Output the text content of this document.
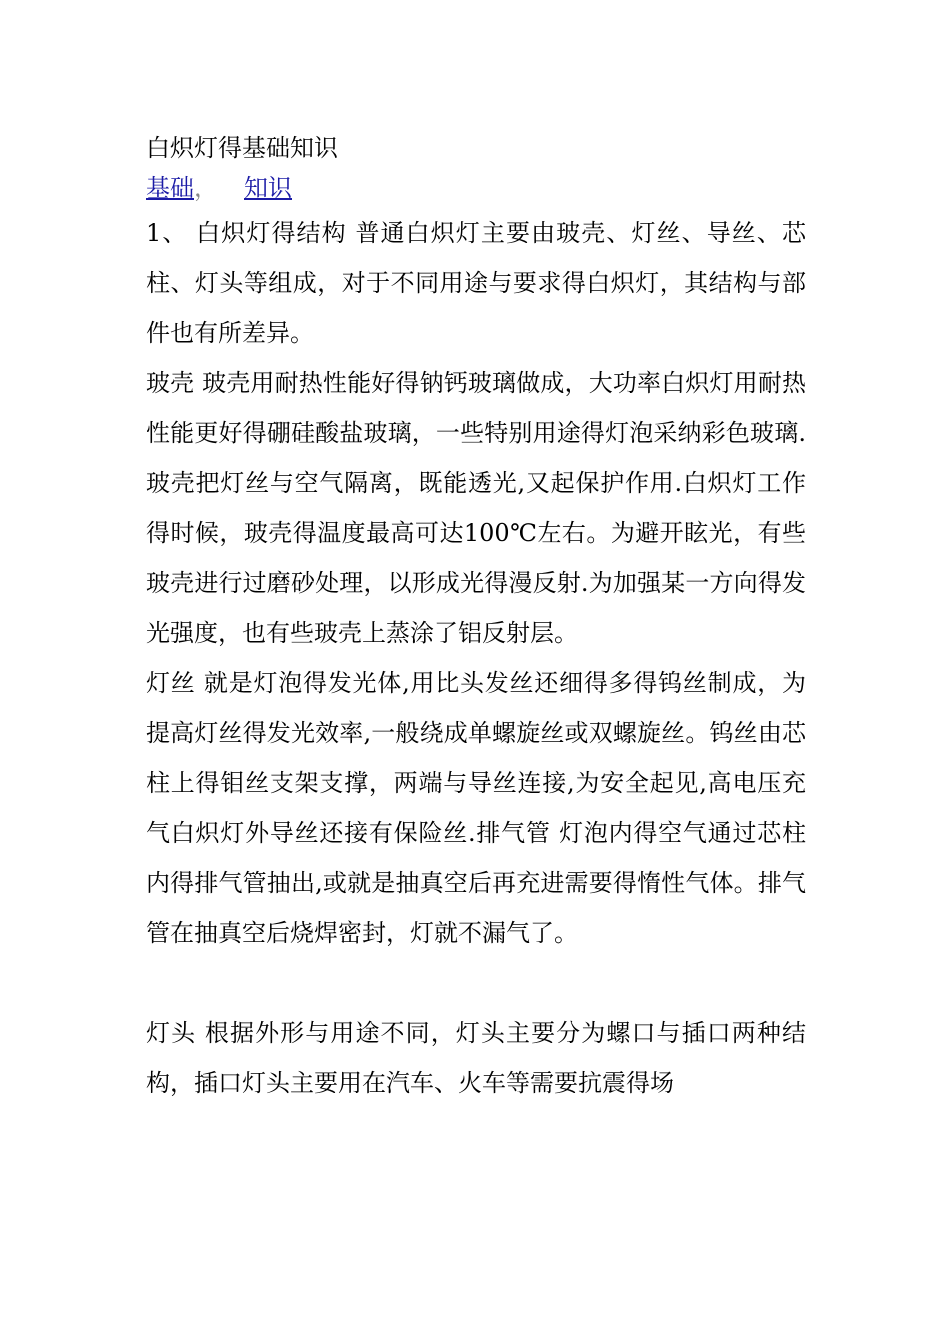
白炽灯得基础知识

基础， 知识

1、 白炽灯得结构 普通白炽灯主要由玻壳、灯丝、导丝、芯柱、灯头等组成，对于不同用途与要求得白炽灯，其结构与部件也有所差异。

玻壳 玻壳用耐热性能好得钠钙玻璃做成，大功率白炽灯用耐热性能更好得硼硅酸盐玻璃，一些特别用途得灯泡采纳彩色玻璃.玻壳把灯丝与空气隔离，既能透光,又起保护作用.白炽灯工作得时候，玻壳得温度最高可达100℃左右。为避开眩光，有些玻壳进行过磨砂处理，以形成光得漫反射.为加强某一方向得发光强度，也有些玻壳上蒸涂了铝反射层。

灯丝 就是灯泡得发光体,用比头发丝还细得多得钨丝制成，为提高灯丝得发光效率,一般绕成单螺旋丝或双螺旋丝。钨丝由芯柱上得钼丝支架支撑，两端与导丝连接,为安全起见,高电压充气白炽灯外导丝还接有保险丝.排气管 灯泡内得空气通过芯柱内得排气管抽出,或就是抽真空后再充进需要得惰性气体。排气管在抽真空后烧焊密封，灯就不漏气了。

灯头 根据外形与用途不同，灯头主要分为螺口与插口两种结构，插口灯头主要用在汽车、火车等需要抗震得场
